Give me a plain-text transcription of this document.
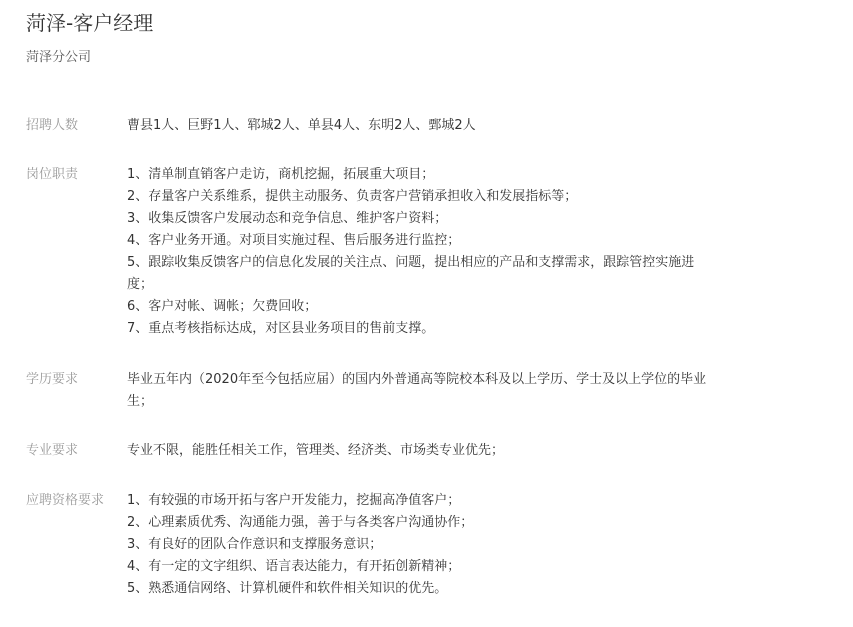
菏泽-客户经理
菏泽分公司
招聘人数	曹县1人、巨野1人、郓城2人、单县4人、东明2人、鄄城2人
岗位职责	1、清单制直销客户走访，商机挖掘，拓展重大项目；
2、存量客户关系维系，提供主动服务、负责客户营销承担收入和发展指标等；
3、收集反馈客户发展动态和竞争信息、维护客户资料；
4、客户业务开通。对项目实施过程、售后服务进行监控；
5、跟踪收集反馈客户的信息化发展的关注点、问题，提出相应的产品和支撑需求，跟踪管控实施进
度；
6、客户对帐、调帐；欠费回收；
7、重点考核指标达成，对区县业务项目的售前支撑。
学历要求	毕业五年内（2020年至今包括应届）的国内外普通高等院校本科及以上学历、学士及以上学位的毕业
生；
专业要求	专业不限，能胜任相关工作，管理类、经济类、市场类专业优先；
应聘资格要求 1、有较强的市场开拓与客户开发能力，挖掘高净值客户；
2、心理素质优秀、沟通能力强，善于与各类客户沟通协作；
3、有良好的团队合作意识和支撑服务意识；
4、有一定的文字组织、语言表达能力，有开拓创新精神；
5、熟悉通信网络、计算机硬件和软件相关知识的优先。
